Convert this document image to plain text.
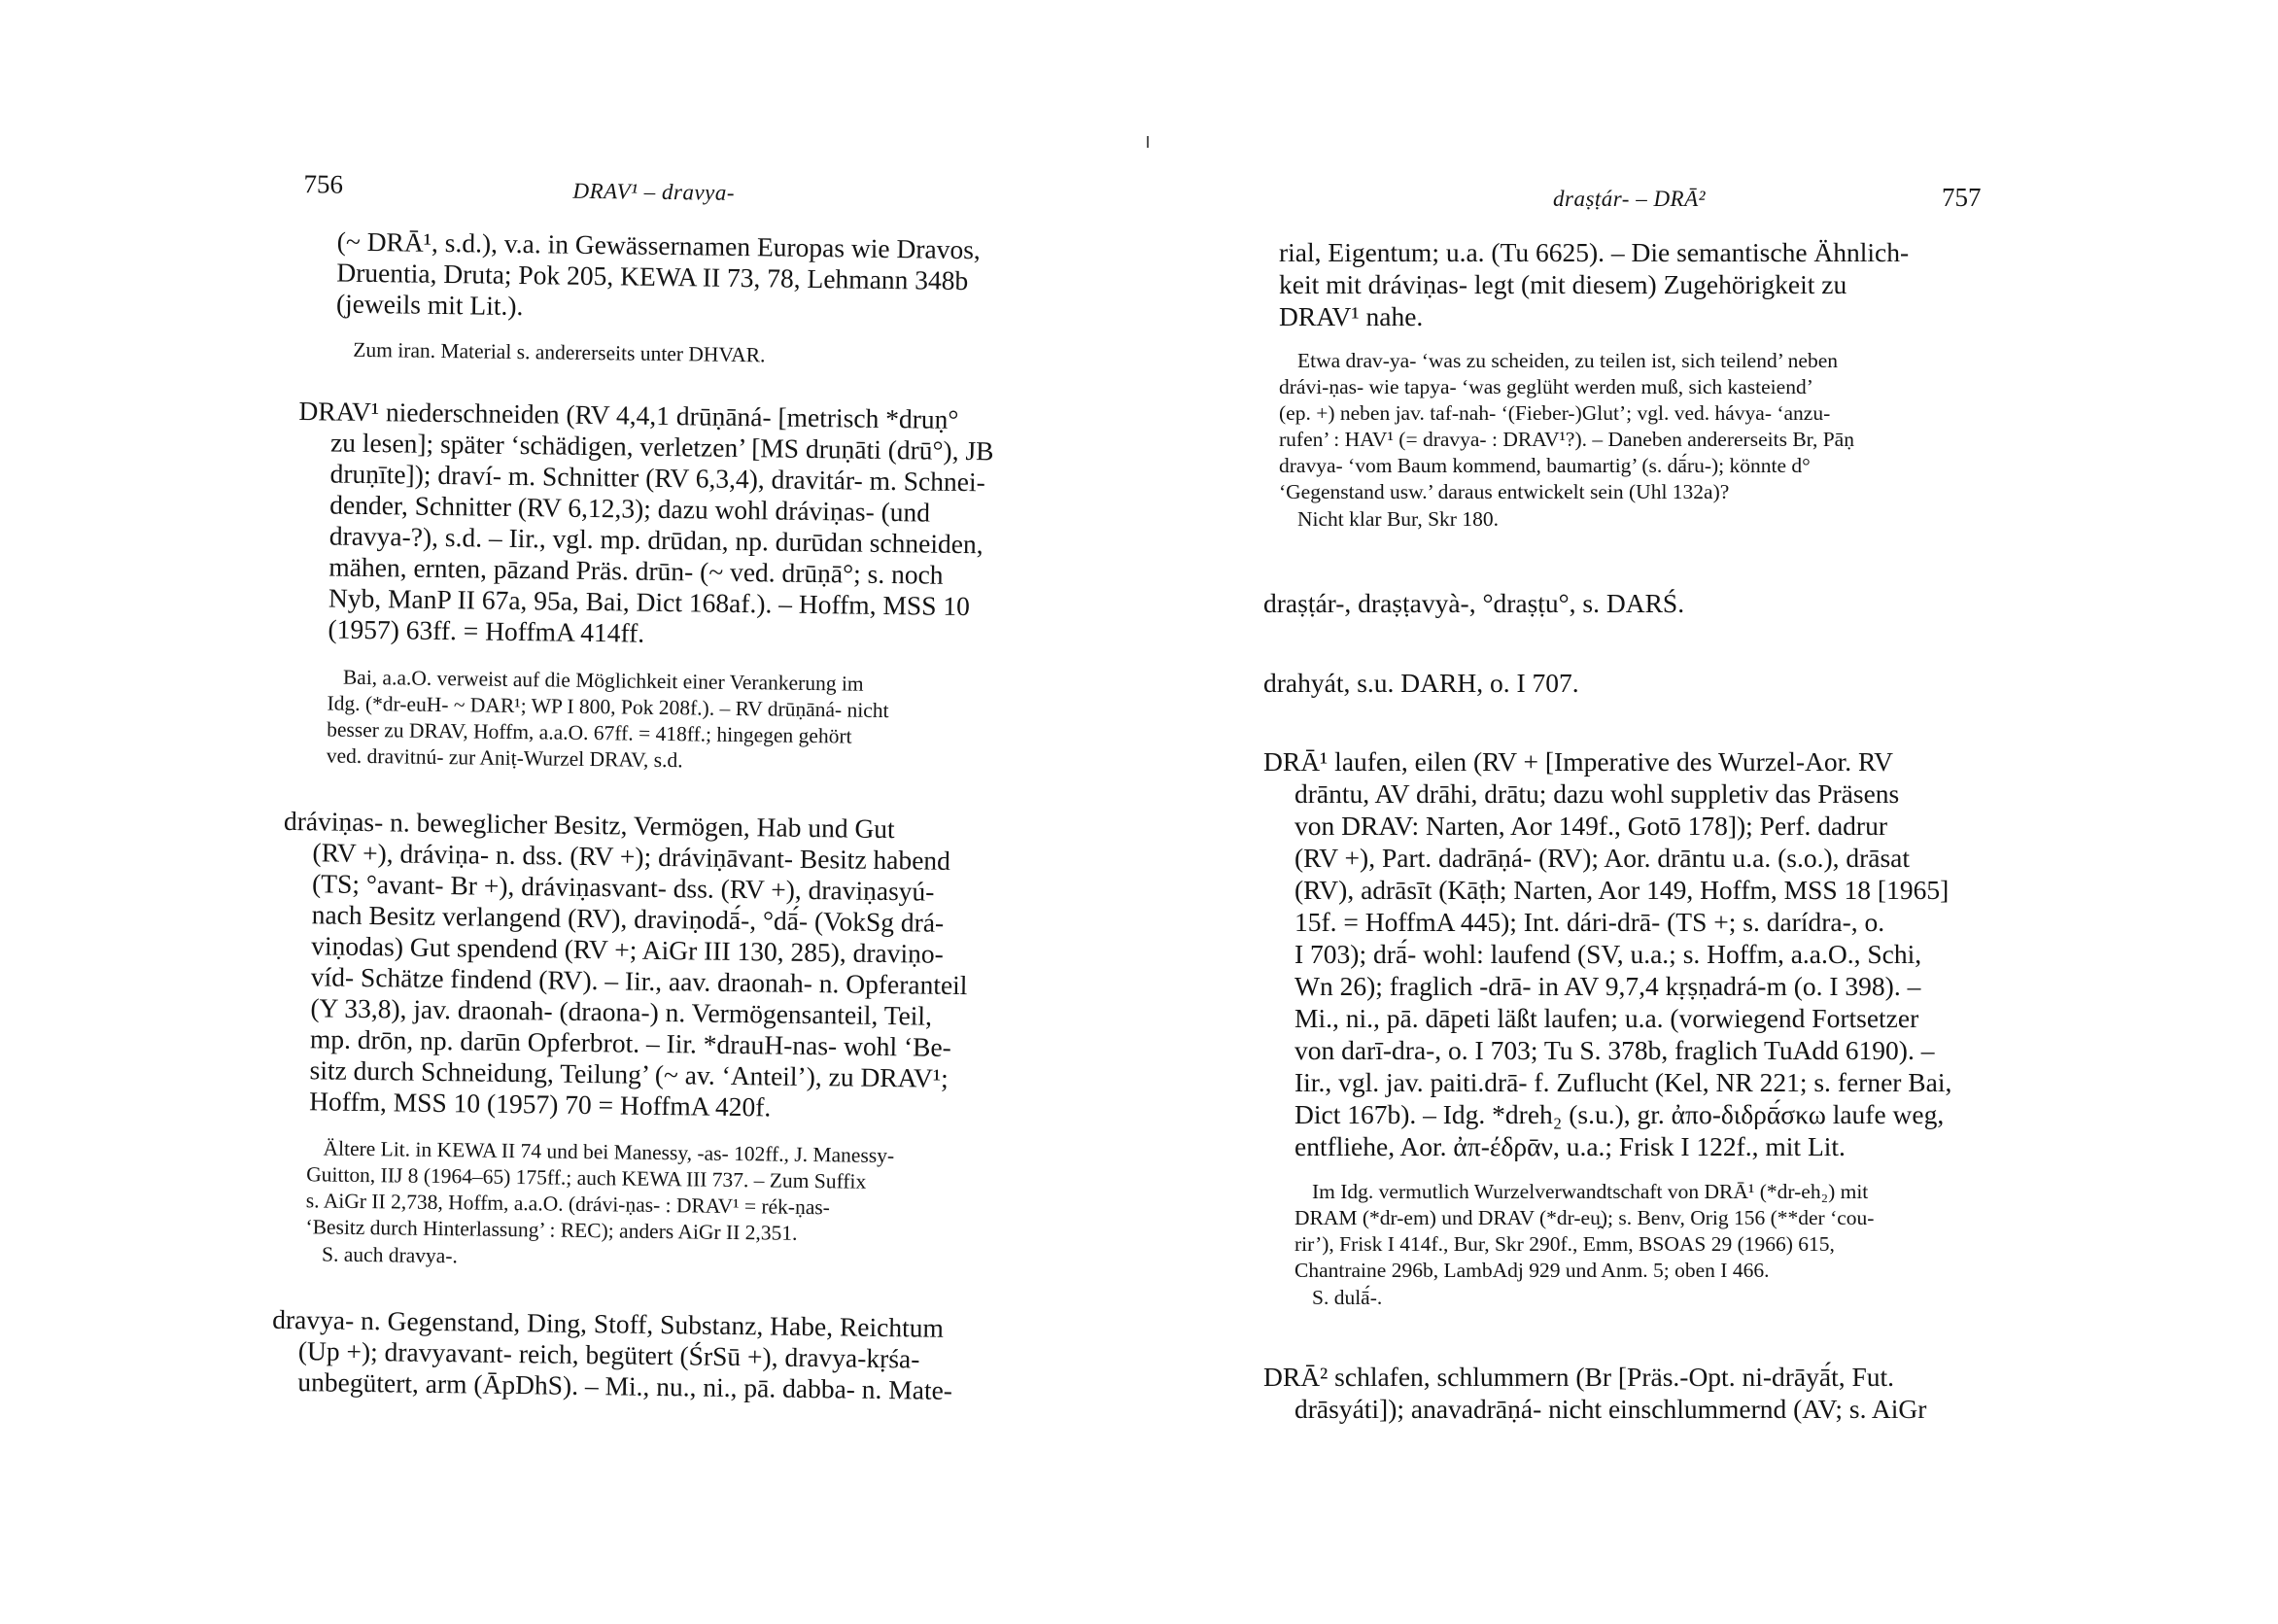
756	DRAV¹ – dravya-
(~ DRĀ¹, s.d.), v.a. in Gewässernamen Europas wie Dravos,
Druentia, Druta; Pok 205, KEWA II 73, 78, Lehmann 348b
(jeweils mit Lit.).
Zum iran. Material s. andererseits unter DHVAR.
DRAV¹ niederschneiden (RV 4,4,1 drūṇāná- [metrisch *druṇ°
zu lesen]; später ‘schädigen, verletzen’ [MS druṇāti (drū°), JB
druṇīte]); draví- m. Schnitter (RV 6,3,4), dravitár- m. Schnei-
dender, Schnitter (RV 6,12,3); dazu wohl dráviṇas- (und
dravya-?), s.d. – Iir., vgl. mp. drūdan, np. durūdan schneiden,
mähen, ernten, pāzand Präs. drūn- (~ ved. drūṇā°; s. noch
Nyb, ManP II 67a, 95a, Bai, Dict 168af.). – Hoffm, MSS 10
(1957) 63ff. = HoffmA 414ff.
Bai, a.a.O. verweist auf die Möglichkeit einer Verankerung im
Idg. (*dr-euH- ~ DAR¹; WP I 800, Pok 208f.). – RV drūṇāná- nicht
besser zu DRAV, Hoffm, a.a.O. 67ff. = 418ff.; hingegen gehört
ved. dravitnú- zur Aniṭ-Wurzel DRAV, s.d.
dráviṇas- n. beweglicher Besitz, Vermögen, Hab und Gut
(RV +), dráviṇa- n. dss. (RV +); dráviṇāvant- Besitz habend
(TS; °avant- Br +), dráviṇasvant- dss. (RV +), draviṇasyú-
nach Besitz verlangend (RV), draviṇodā́-, °dā́- (VokSg drá-
viṇodas) Gut spendend (RV +; AiGr III 130, 285), draviṇo-
víd- Schätze findend (RV). – Iir., aav. draonah- n. Opferanteil
(Y 33,8), jav. draonah- (draona-) n. Vermögensanteil, Teil,
mp. drōn, np. darūn Opferbrot. – Iir. *drauH-nas- wohl ‘Be-
sitz durch Schneidung, Teilung’ (~ av. ‘Anteil’), zu DRAV¹;
Hoffm, MSS 10 (1957) 70 = HoffmA 420f.
Ältere Lit. in KEWA II 74 und bei Manessy, -as- 102ff., J. Manessy-
Guitton, IIJ 8 (1964–65) 175ff.; auch KEWA III 737. – Zum Suffix
s. AiGr II 2,738, Hoffm, a.a.O. (drávi-ṇas- : DRAV¹ = rék-ṇas-
‘Besitz durch Hinterlassung’ : REC); anders AiGr II 2,351.
S. auch dravya-.
dravya- n. Gegenstand, Ding, Stoff, Substanz, Habe, Reichtum
(Up +); dravyavant- reich, begütert (ŚrSū +), dravya-kṛśa-
unbegütert, arm (ĀpDhS). – Mi., nu., ni., pā. dabba- n. Mate-
draṣṭár- – DRĀ²	757
rial, Eigentum; u.a. (Tu 6625). – Die semantische Ähnlich-
keit mit dráviṇas- legt (mit diesem) Zugehörigkeit zu
DRAV¹ nahe.
Etwa drav-ya- ‘was zu scheiden, zu teilen ist, sich teilend’ neben
drávi-ṇas- wie tapya- ‘was geglüht werden muß, sich kasteiend’
(ep. +) neben jav. taf-nah- ‘(Fieber-)Glut’; vgl. ved. hávya- ‘anzu-
rufen’ : HAV¹ (= dravya- : DRAV¹?). – Daneben andererseits Br, Pāṇ
dravya- ‘vom Baum kommend, baumartig’ (s. dā́ru-); könnte d°
‘Gegenstand usw.’ daraus entwickelt sein (Uhl 132a)?
Nicht klar Bur, Skr 180.
draṣṭár-, draṣṭavyà-, °draṣṭu°, s. DARŚ.
drahyát, s.u. DARH, o. I 707.
DRĀ¹ laufen, eilen (RV + [Imperative des Wurzel-Aor. RV
drāntu, AV drāhi, drātu; dazu wohl suppletiv das Präsens
von DRAV: Narten, Aor 149f., Gotō 178]); Perf. dadrur
(RV +), Part. dadrāṇá- (RV); Aor. drāntu u.a. (s.o.), drāsat
(RV), adrāsīt (Kāṭh; Narten, Aor 149, Hoffm, MSS 18 [1965]
15f. = HoffmA 445); Int. dári-drā- (TS +; s. darídra-, o.
I 703); drā́- wohl: laufend (SV, u.a.; s. Hoffm, a.a.O., Schi,
Wn 26); fraglich -drā- in AV 9,7,4 kṛṣṇadrá-m (o. I 398). –
Mi., ni., pā. dāpeti läßt laufen; u.a. (vorwiegend Fortsetzer
von darī-dra-, o. I 703; Tu S. 378b, fraglich TuAdd 6190). –
Iir., vgl. jav. paiti.drā- f. Zuflucht (Kel, NR 221; s. ferner Bai,
Dict 167b). – Idg. *dreh₂ (s.u.), gr. ἀπο-διδρᾱ́σκω laufe weg,
entfliehe, Aor. ἀπ-έδρᾱν, u.a.; Frisk I 122f., mit Lit.
Im Idg. vermutlich Wurzelverwandtschaft von DRĀ¹ (*dr-eh₂) mit
DRAM (*dr-em) und DRAV (*dr-eu̯); s. Benv, Orig 156 (**der ‘cou-
rir’), Frisk I 414f., Bur, Skr 290f., Emm, BSOAS 29 (1966) 615,
Chantraine 296b, LambAdj 929 und Anm. 5; oben I 466.
S. dulā́-.
DRĀ² schlafen, schlummern (Br [Präs.-Opt. ni-drāyā́t, Fut.
drāsyáti]); anavadrāṇá- nicht einschlummernd (AV; s. AiGr
